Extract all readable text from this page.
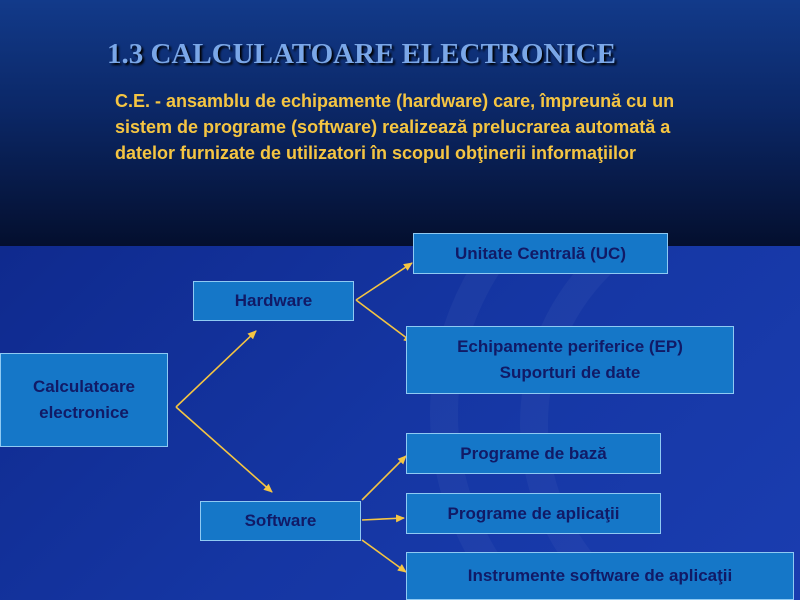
1.3 CALCULATOARE ELECTRONICE

C.E. - ansamblu de echipamente (hardware) care, împreună cu un sistem de programe (software) realizează prelucrarea automată a datelor furnizate de utilizatori în scopul obţinerii informaţiilor

Calculatoare
electronice
Hardware
Software
Unitate Centrală (UC)
Echipamente periferice (EP)
Suporturi de date
Programe de bază
Programe de aplicaţii
Instrumente software de aplicaţii
